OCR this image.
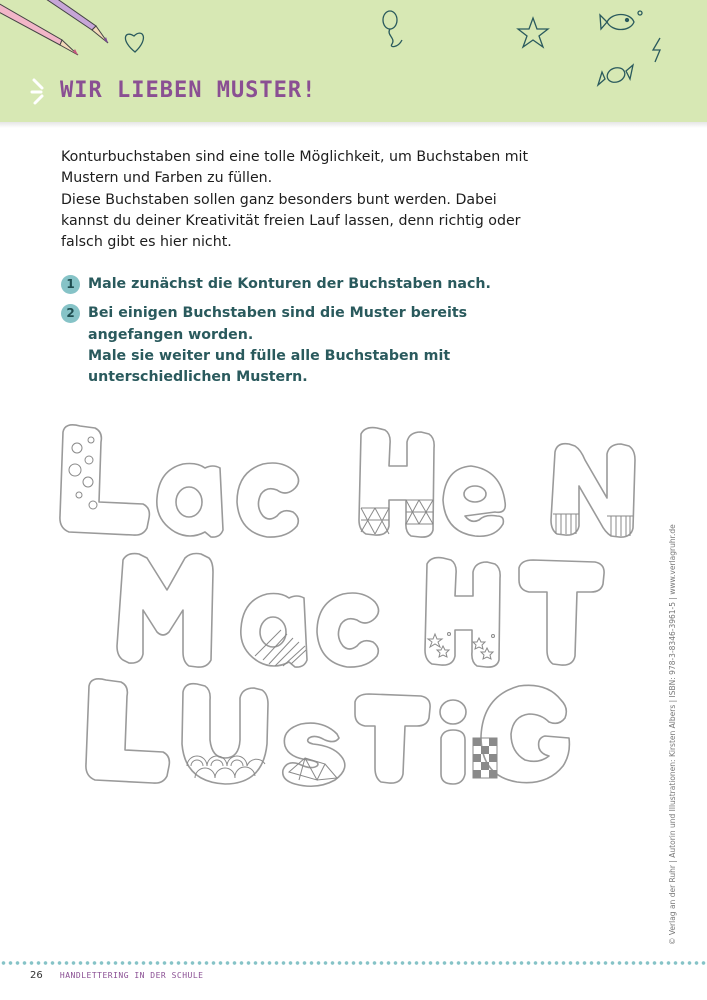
WIR LIEBEN MUSTER!

Konturbuchstaben sind eine tolle Möglichkeit, um Buchstaben mit Mustern und Farben zu füllen.

Diese Buchstaben sollen ganz besonders bunt werden. Dabei kannst du deiner Kreativität freien Lauf lassen, denn richtig oder falsch gibt es hier nicht.

1 Male zunächst die Konturen der Buchstaben nach.
2 Bei einigen Buchstaben sind die Muster bereits angefangen worden.
Male sie weiter und fülle alle Buchstaben mit unterschiedlichen Mustern.
© Verlag an der Ruhr | Autorin und Illustrationen: Kirsten Albers | ISBN: 978-3-8346-3961-5 | www.verlagruhr.de
26 HANDLETTERING IN DER SCHULE
